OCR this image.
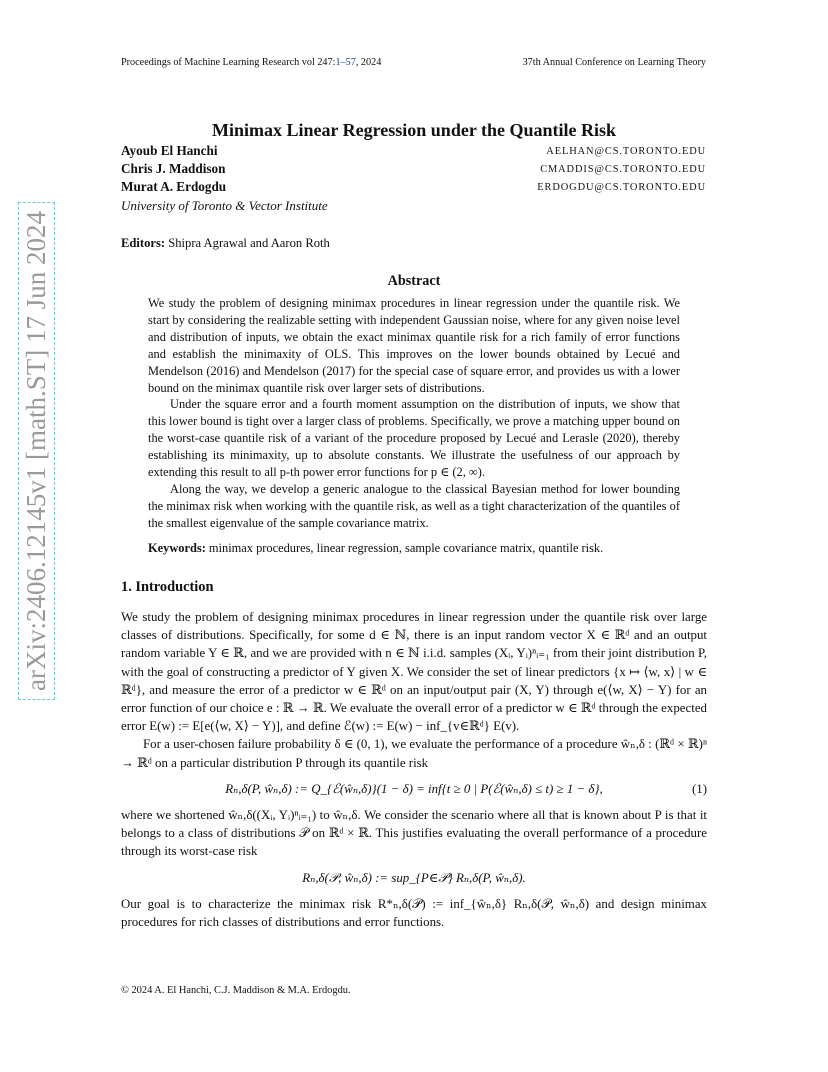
Proceedings of Machine Learning Research vol 247:1–57, 2024	37th Annual Conference on Learning Theory
Minimax Linear Regression under the Quantile Risk
Ayoub El Hanchi	AELHAN@CS.TORONTO.EDU
Chris J. Maddison	CMADDIS@CS.TORONTO.EDU
Murat A. Erdogdu	ERDOGDU@CS.TORONTO.EDU
University of Toronto & Vector Institute
Editors: Shipra Agrawal and Aaron Roth
Abstract

We study the problem of designing minimax procedures in linear regression under the quantile risk. We start by considering the realizable setting with independent Gaussian noise, where for any given noise level and distribution of inputs, we obtain the exact minimax quantile risk for a rich family of error functions and establish the minimaxity of OLS. This improves on the lower bounds obtained by Lecué and Mendelson (2016) and Mendelson (2017) for the special case of square error, and provides us with a lower bound on the minimax quantile risk over larger sets of distributions.

Under the square error and a fourth moment assumption on the distribution of inputs, we show that this lower bound is tight over a larger class of problems. Specifically, we prove a matching upper bound on the worst-case quantile risk of a variant of the procedure proposed by Lecué and Lerasle (2020), thereby establishing its minimaxity, up to absolute constants. We illustrate the usefulness of our approach by extending this result to all p-th power error functions for p ∈ (2, ∞).

Along the way, we develop a generic analogue to the classical Bayesian method for lower bounding the minimax risk when working with the quantile risk, as well as a tight characterization of the quantiles of the smallest eigenvalue of the sample covariance matrix.

Keywords: minimax procedures, linear regression, sample covariance matrix, quantile risk.
1. Introduction

We study the problem of designing minimax procedures in linear regression under the quantile risk over large classes of distributions. Specifically, for some d ∈ ℕ, there is an input random vector X ∈ ℝᵈ and an output random variable Y ∈ ℝ, and we are provided with n ∈ ℕ i.i.d. samples (Xᵢ, Yᵢ)ⁿᵢ₌₁ from their joint distribution P, with the goal of constructing a predictor of Y given X. We consider the set of linear predictors {x ↦ ⟨w, x⟩ | w ∈ ℝᵈ}, and measure the error of a predictor w ∈ ℝᵈ on an input/output pair (X, Y) through e(⟨w, X⟩ − Y) for an error function of our choice e : ℝ → ℝ. We evaluate the overall error of a predictor w ∈ ℝᵈ through the expected error E(w) := E[e(⟨w, X⟩ − Y)], and define ℰ(w) := E(w) − inf_{v∈ℝᵈ} E(v).

For a user-chosen failure probability δ ∈ (0, 1), we evaluate the performance of a procedure ŵₙ,δ : (ℝᵈ × ℝ)ⁿ → ℝᵈ on a particular distribution P through its quantile risk

Rₙ,δ(P, ŵₙ,δ) := Q_{ℰ(ŵₙ,δ)}(1 − δ) = inf{t ≥ 0 | P(ℰ(ŵₙ,δ) ≤ t) ≥ 1 − δ},	(1)

where we shortened ŵₙ,δ((Xᵢ, Yᵢ)ⁿᵢ₌₁) to ŵₙ,δ. We consider the scenario where all that is known about P is that it belongs to a class of distributions 𝒫 on ℝᵈ × ℝ. This justifies evaluating the overall performance of a procedure through its worst-case risk

Rₙ,δ(𝒫, ŵₙ,δ) := sup_{P∈𝒫} Rₙ,δ(P, ŵₙ,δ).

Our goal is to characterize the minimax risk R*ₙ,δ(𝒫) := inf_{ŵₙ,δ} Rₙ,δ(𝒫, ŵₙ,δ) and design minimax procedures for rich classes of distributions and error functions.

© 2024 A. El Hanchi, C.J. Maddison & M.A. Erdogdu.
arXiv:2406.12145v1 [math.ST] 17 Jun 2024
